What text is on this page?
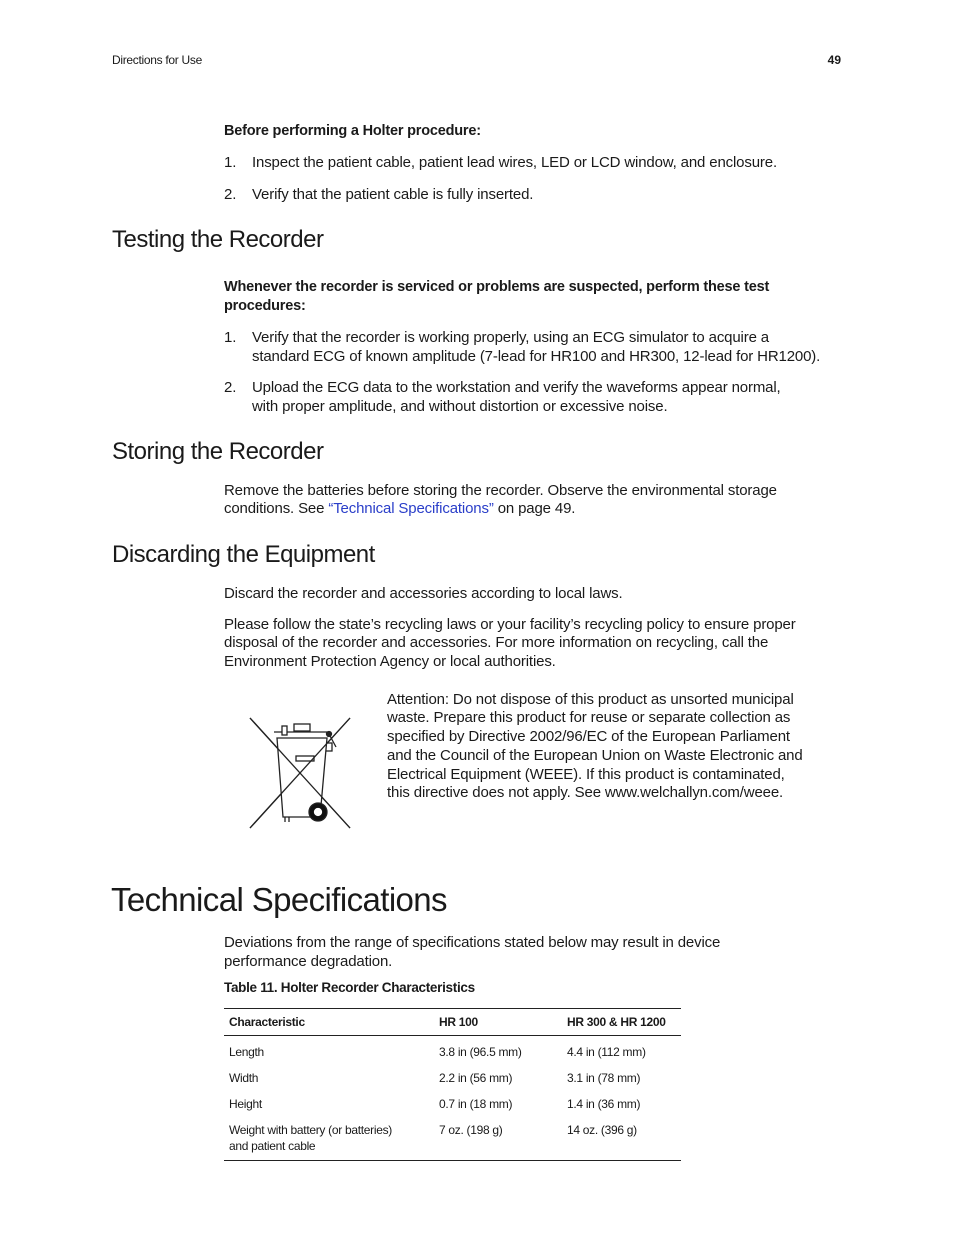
Directions for Use	49
Before performing a Holter procedure:
1. Inspect the patient cable, patient lead wires, LED or LCD window, and enclosure.
2. Verify that the patient cable is fully inserted.
Testing the Recorder
Whenever the recorder is serviced or problems are suspected, perform these test
procedures:
1. Verify that the recorder is working properly, using an ECG simulator to acquire a
standard ECG of known amplitude (7-lead for HR100 and HR300, 12-lead for HR1200).
2. Upload the ECG data to the workstation and verify the waveforms appear normal,
with proper amplitude, and without distortion or excessive noise.
Storing the Recorder
Remove the batteries before storing the recorder. Observe the environmental storage
conditions. See “Technical Specifications” on page 49.
Discarding the Equipment
Discard the recorder and accessories according to local laws.
Please follow the state’s recycling laws or your facility’s recycling policy to ensure proper
disposal of the recorder and accessories. For more information on recycling, call the
Environment Protection Agency or local authorities.
Attention: Do not dispose of this product as unsorted municipal
waste. Prepare this product for reuse or separate collection as
specified by Directive 2002/96/EC of the European Parliament
and the Council of the European Union on Waste Electronic and
Electrical Equipment (WEEE). If this product is contaminated,
this directive does not apply. See www.welchallyn.com/weee.
Technical Specifications
Deviations from the range of specifications stated below may result in device
performance degradation.
Table 11. Holter Recorder Characteristics
Characteristic	HR 100	HR 300 & HR 1200
Length	3.8 in (96.5 mm)	4.4 in (112 mm)
Width	2.2 in (56 mm)	3.1 in (78 mm)
Height	0.7 in (18 mm)	1.4 in (36 mm)

Weight with battery (or batteries)
and patient cable	7 oz. (198 g)	14 oz. (396 g)
